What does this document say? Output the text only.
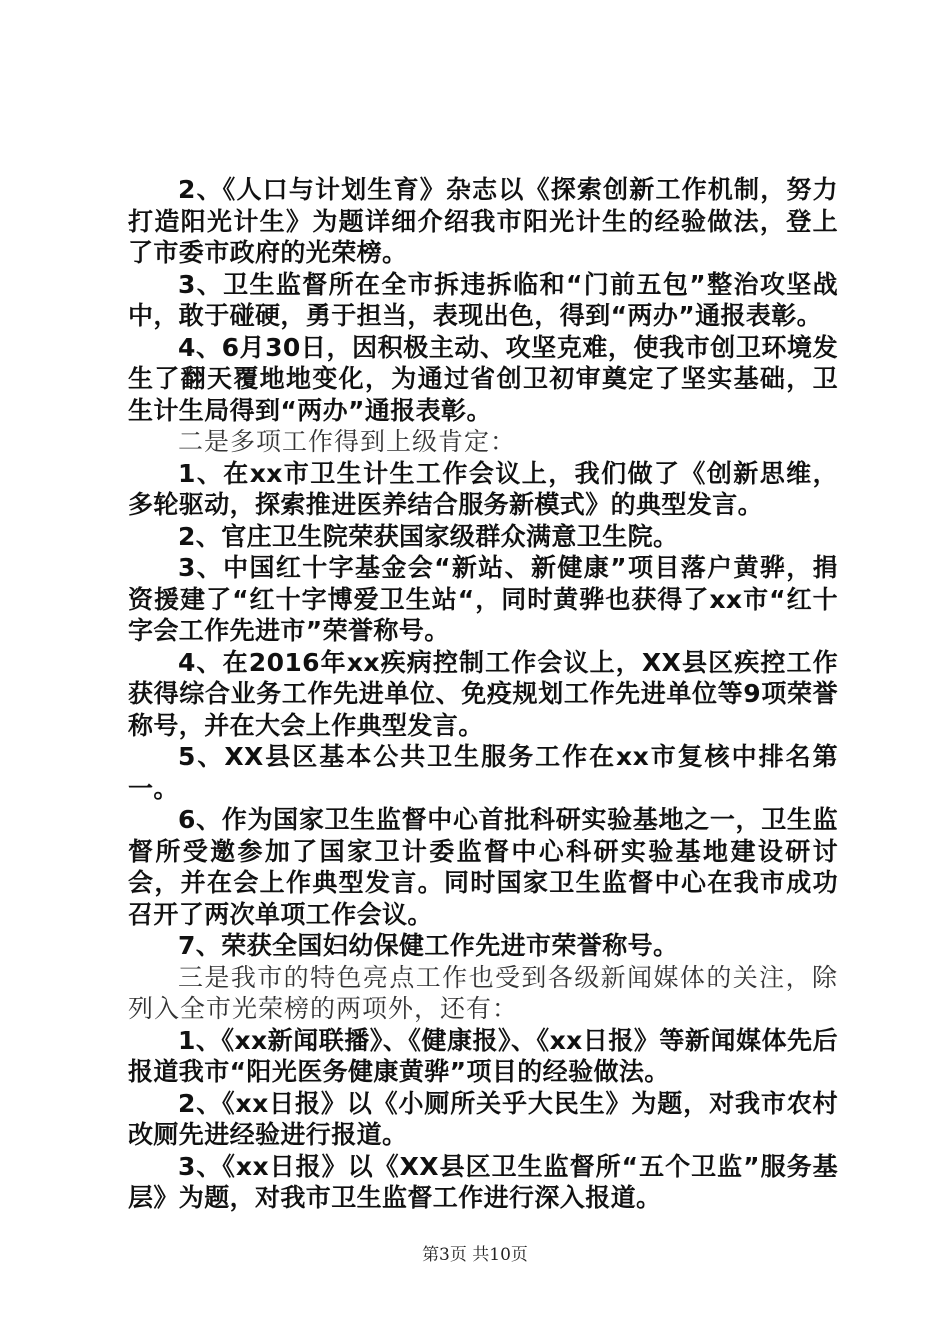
2、《人口与计划生育》杂志以《探索创新工作机制，努力打造阳光计生》为题详细介绍我市阳光计生的经验做法，登上了市委市政府的光荣榜。

3、卫生监督所在全市拆违拆临和“门前五包”整治攻坚战中，敢于碰硬，勇于担当，表现出色，得到“两办”通报表彰。

4、6月30日，因积极主动、攻坚克难，使我市创卫环境发生了翻天覆地地变化，为通过省创卫初审奠定了坚实基础，卫生计生局得到“两办”通报表彰。

二是多项工作得到上级肯定：

1、在xx市卫生计生工作会议上，我们做了《创新思维，多轮驱动，探索推进医养结合服务新模式》的典型发言。

2、官庄卫生院荣获国家级群众满意卫生院。

3、中国红十字基金会“新站、新健康”项目落户黄骅，捐资援建了“红十字博爱卫生站“，同时黄骅也获得了xx市“红十字会工作先进市”荣誉称号。

4、在2016年xx疾病控制工作会议上，XX县区疾控工作获得综合业务工作先进单位、免疫规划工作先进单位等9项荣誉称号，并在大会上作典型发言。

5、XX县区基本公共卫生服务工作在xx市复核中排名第一。

6、作为国家卫生监督中心首批科研实验基地之一，卫生监督所受邀参加了国家卫计委监督中心科研实验基地建设研讨会，并在会上作典型发言。同时国家卫生监督中心在我市成功召开了两次单项工作会议。

7、荣获全国妇幼保健工作先进市荣誉称号。

三是我市的特色亮点工作也受到各级新闻媒体的关注，除列入全市光荣榜的两项外，还有：

1、《xx新闻联播》、《健康报》、《xx日报》等新闻媒体先后报道我市“阳光医务健康黄骅”项目的经验做法。

2、《xx日报》以《小厕所关乎大民生》为题，对我市农村改厕先进经验进行报道。

3、《xx日报》以《XX县区卫生监督所“五个卫监”服务基层》为题，对我市卫生监督工作进行深入报道。

第3页 共10页
